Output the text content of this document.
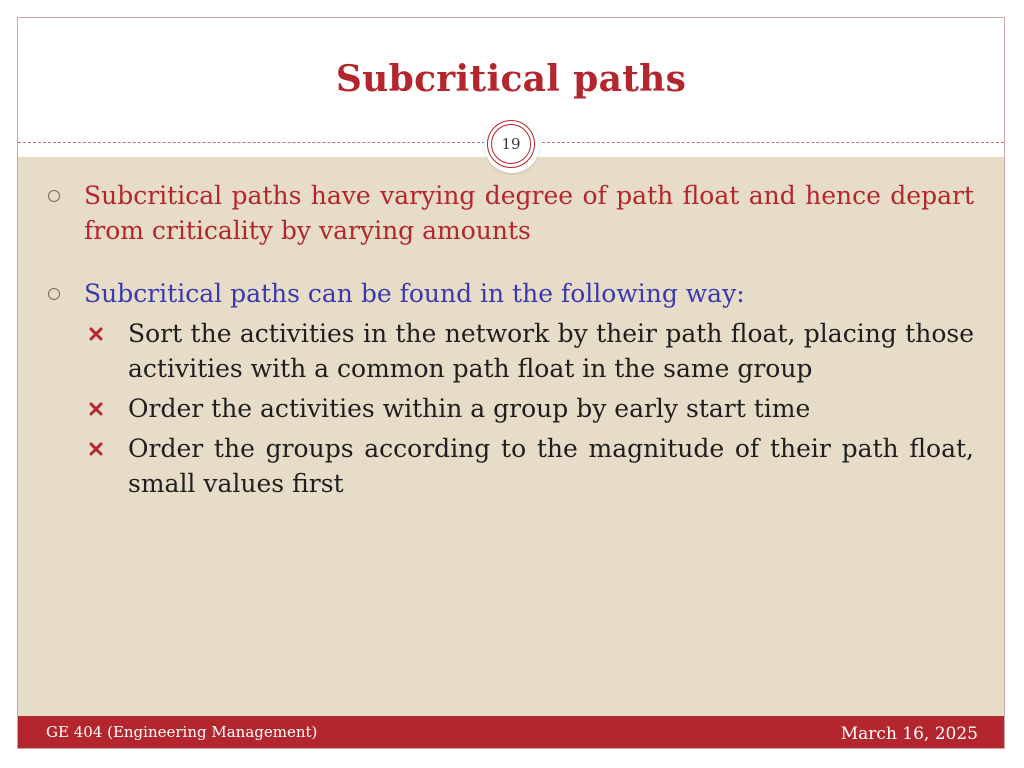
Subcritical paths
19
Subcritical paths have varying degree of path float and hence depart from criticality by varying amounts
Subcritical paths can be found in the following way:
Sort the activities in the network by their path float, placing those activities with a common path float in the same group
Order the activities within a group by early start time
Order the groups according to the magnitude of their path float, small values first
GE 404 (Engineering Management)	March 16, 2025
